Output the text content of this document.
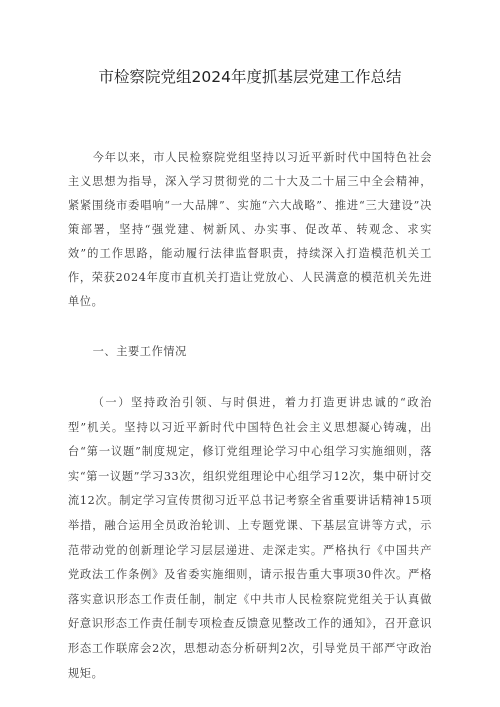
市检察院党组2024年度抓基层党建工作总结

今年以来，市人民检察院党组坚持以习近平新时代中国特色社会主义思想为指导，深入学习贯彻党的二十大及二十届三中全会精神，紧紧围绕市委唱响“一大品牌”、实施“六大战略”、推进“三大建设”决策部署，坚持“强党建、树新风、办实事、促改革、转观念、求实效”的工作思路，能动履行法律监督职责，持续深入打造模范机关工作，荣获2024年度市直机关打造让党放心、人民满意的模范机关先进单位。

一、主要工作情况

（一）坚持政治引领、与时俱进，着力打造更讲忠诚的“政治型”机关。坚持以习近平新时代中国特色社会主义思想凝心铸魂，出台“第一议题”制度规定，修订党组理论学习中心组学习实施细则，落实“第一议题”学习33次，组织党组理论中心组学习12次，集中研讨交流12次。制定学习宣传贯彻习近平总书记考察全省重要讲话精神15项举措，融合运用全员政治轮训、上专题党课、下基层宣讲等方式，示范带动党的创新理论学习层层递进、走深走实。严格执行《中国共产党政法工作条例》及省委实施细则，请示报告重大事项30件次。严格落实意识形态工作责任制，制定《中共市人民检察院党组关于认真做好意识形态工作责任制专项检查反馈意见整改工作的通知》，召开意识形态工作联席会2次，思想动态分析研判2次，引导党员干部严守政治规矩。
